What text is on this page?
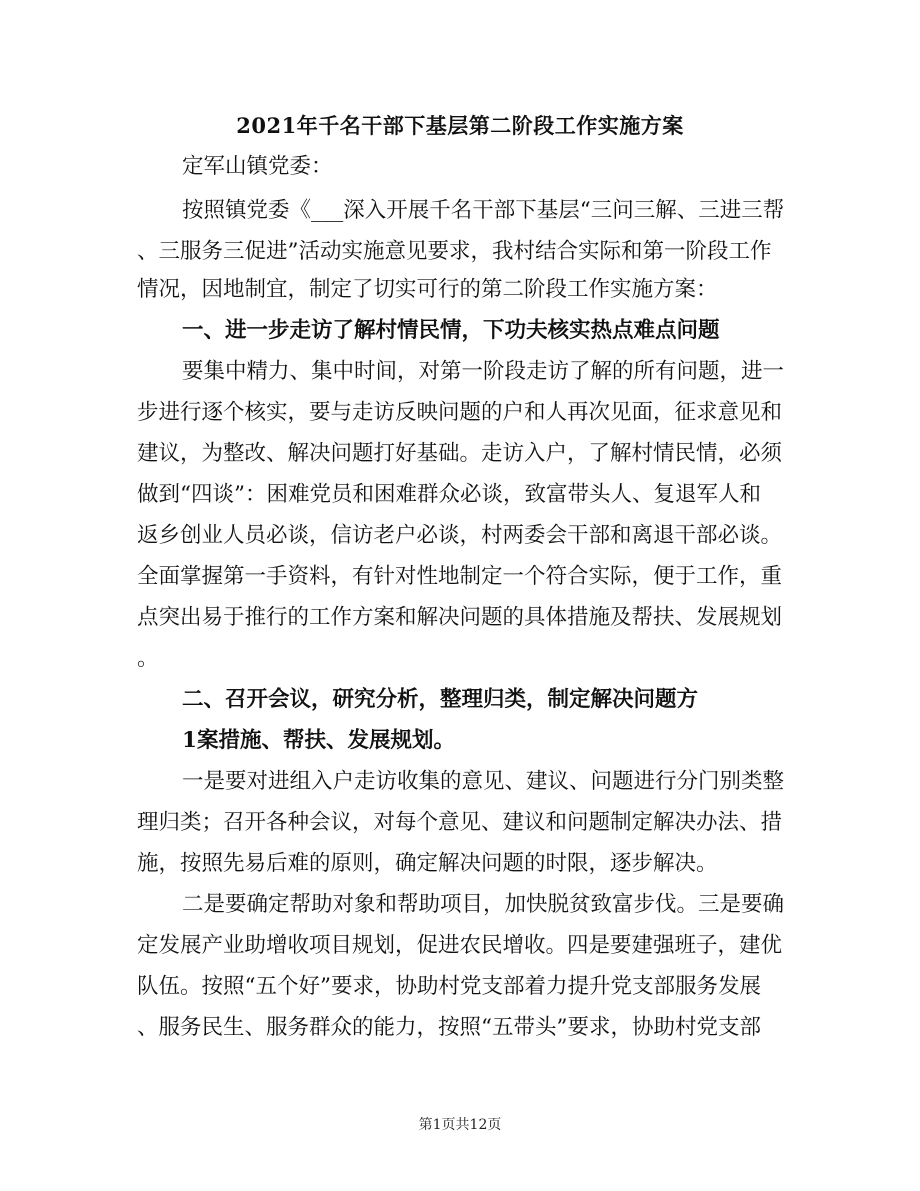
2021年千名干部下基层第二阶段工作实施方案
定军山镇党委：
按照镇党委《___深入开展千名干部下基层“三问三解、三进三帮
、三服务三促进”活动实施意见要求，我村结合实际和第一阶段工作
情况，因地制宜，制定了切实可行的第二阶段工作实施方案：
一、进一步走访了解村情民情，下功夫核实热点难点问题
要集中精力、集中时间，对第一阶段走访了解的所有问题，进一
步进行逐个核实，要与走访反映问题的户和人再次见面，征求意见和
建议，为整改、解决问题打好基础。走访入户，了解村情民情，必须
做到“四谈”：困难党员和困难群众必谈，致富带头人、复退军人和
返乡创业人员必谈，信访老户必谈，村两委会干部和离退干部必谈。
全面掌握第一手资料，有针对性地制定一个符合实际，便于工作，重
点突出易于推行的工作方案和解决问题的具体措施及帮扶、发展规划
。
二、召开会议，研究分析，整理归类，制定解决问题方
1案措施、帮扶、发展规划。
一是要对进组入户走访收集的意见、建议、问题进行分门别类整
理归类；召开各种会议，对每个意见、建议和问题制定解决办法、措
施，按照先易后难的原则，确定解决问题的时限，逐步解决。
二是要确定帮助对象和帮助项目，加快脱贫致富步伐。三是要确
定发展产业助增收项目规划，促进农民增收。四是要建强班子，建优
队伍。按照“五个好”要求，协助村党支部着力提升党支部服务发展
、服务民生、服务群众的能力，按照“五带头”要求，协助村党支部
第1页共12页
